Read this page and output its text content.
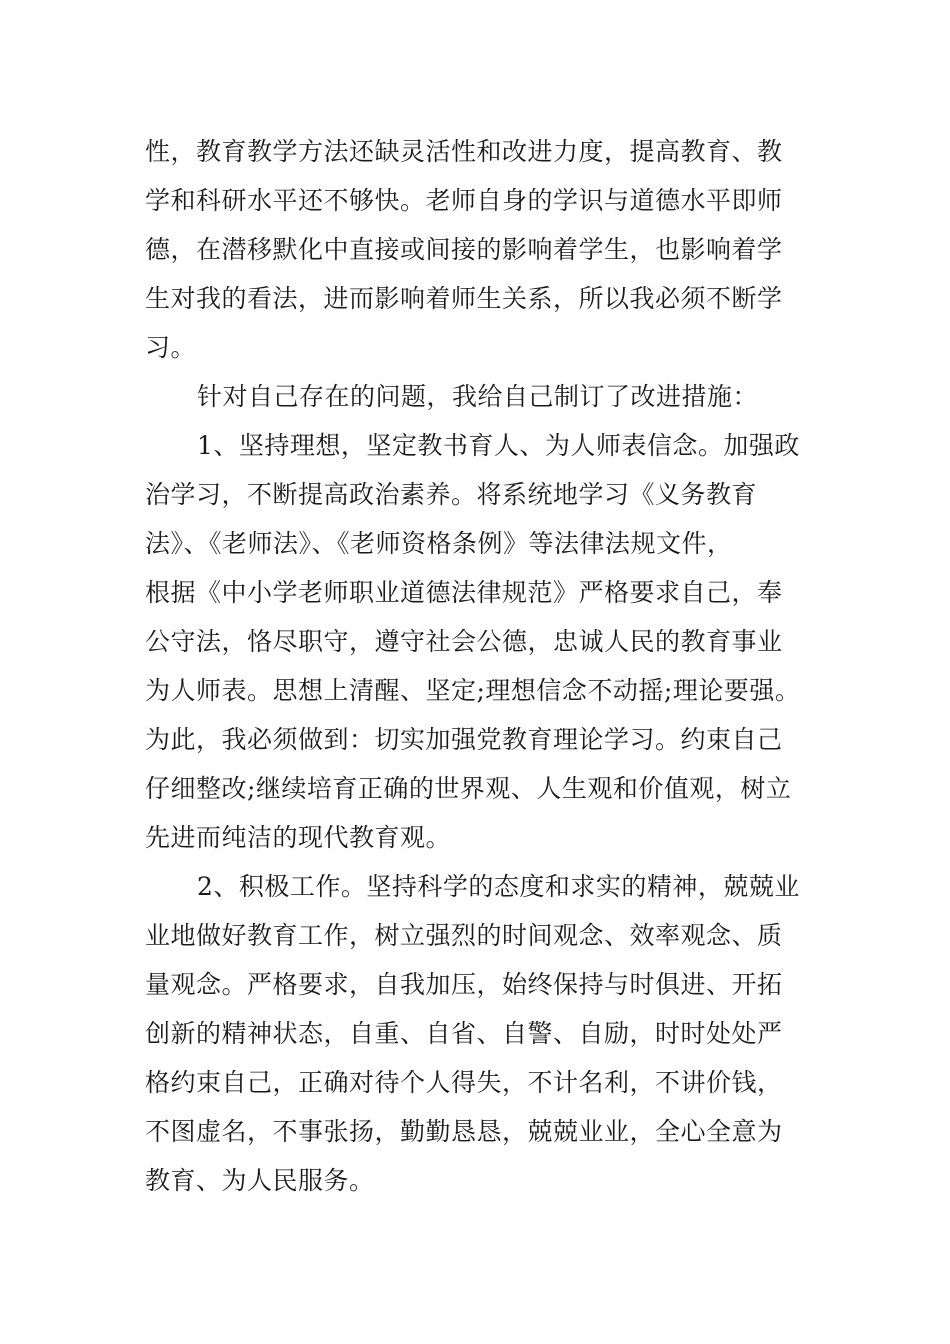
性，教育教学方法还缺灵活性和改进力度，提高教育、教
学和科研水平还不够快。老师自身的学识与道德水平即师
德，在潜移默化中直接或间接的影响着学生，也影响着学
生对我的看法，进而影响着师生关系，所以我必须不断学
习。
针对自己存在的问题，我给自己制订了改进措施：
1、坚持理想，坚定教书育人、为人师表信念。加强政
治学习，不断提高政治素养。将系统地学习《义务教育
法》、《老师法》、《老师资格条例》等法律法规文件，
根据《中小学老师职业道德法律规范》严格要求自己，奉
公守法，恪尽职守，遵守社会公德，忠诚人民的教育事业
为人师表。思想上清醒、坚定;理想信念不动摇;理论要强。
为此，我必须做到：切实加强党教育理论学习。约束自己
仔细整改;继续培育正确的世界观、人生观和价值观，树立
先进而纯洁的现代教育观。
2、积极工作。坚持科学的态度和求实的精神，兢兢业
业地做好教育工作，树立强烈的时间观念、效率观念、质
量观念。严格要求，自我加压，始终保持与时俱进、开拓
创新的精神状态，自重、自省、自警、自励，时时处处严
格约束自己，正确对待个人得失，不计名利，不讲价钱，
不图虚名，不事张扬，勤勤恳恳，兢兢业业，全心全意为
教育、为人民服务。
